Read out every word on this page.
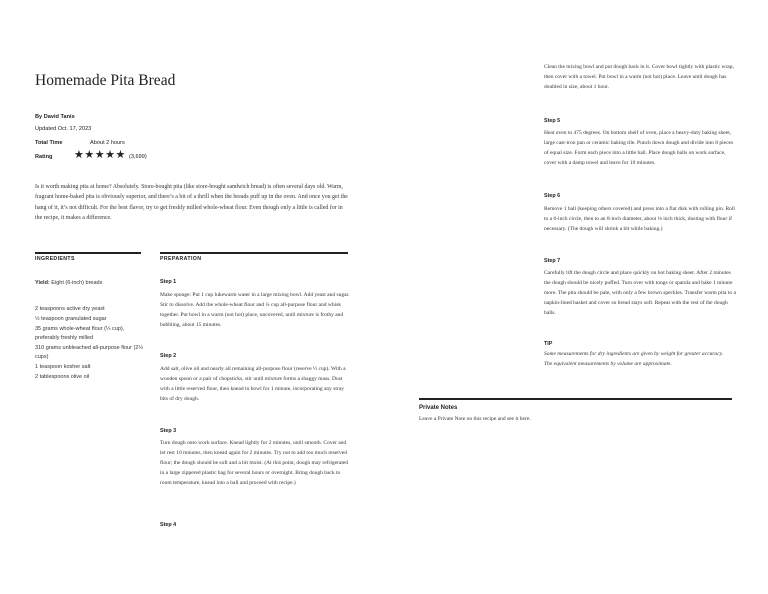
Homemade Pita Bread
By David Tanis
Updated Oct. 17, 2023
Total Time	About 2 hours
Rating ★★★★★ (3,699)
Is it worth making pita at home? Absolutely. Store-bought pita (like store-bought sandwich bread) is often several days old. Warm, fragrant home-baked pita is obviously superior, and there’s a bit of a thrill when the breads puff up in the oven. And once you get the hang of it, it’s not difficult. For the best flavor, try to get freshly milled whole-wheat flour. Even though only a little is called for in the recipe, it makes a difference.
INGREDIENTS
Yield: Eight (6-inch) breads
2 teaspoons active dry yeast
½ teaspoon granulated sugar
35 grams whole-wheat flour (¼ cup), preferably freshly milled
310 grams unbleached all-purpose flour (2½ cups)
1 teaspoon kosher salt
2 tablespoons olive oil
PREPARATION
Step 1
Make sponge: Put 1 cup lukewarm water in a large mixing bowl. Add yeast and sugar. Stir to dissolve. Add the whole-wheat flour and ¼ cup all-purpose flour and whisk together. Put bowl in a warm (not hot) place, uncovered, until mixture is frothy and bubbling, about 15 minutes.
Step 2
Add salt, olive oil and nearly all remaining all-purpose flour (reserve ½ cup). With a wooden spoon or a pair of chopsticks, stir until mixture forms a shaggy mass. Dust with a little reserved flour, then knead in bowl for 1 minute, incorporating any stray bits of dry dough.
Step 3
Turn dough onto work surface. Knead lightly for 2 minutes, until smooth. Cover and let rest 10 minutes, then knead again for 2 minutes. Try not to add too much reserved flour; the dough should be soft and a bit moist. (At this point, dough may refrigerated in a large zippered plastic bag for several hours or overnight. Bring dough back to room temperature, knead into a ball and proceed with recipe.)
Step 4
Clean the mixing bowl and put dough back in it. Cover bowl tightly with plastic wrap, then cover with a towel. Put bowl in a warm (not hot) place. Leave until dough has doubled in size, about 1 hour.
Step 5
Heat oven to 475 degrees. On bottom shelf of oven, place a heavy-duty baking sheet, large cast-iron pan or ceramic baking tile. Punch down dough and divide into 8 pieces of equal size. Form each piece into a little ball. Place dough balls on work surface, cover with a damp towel and leave for 10 minutes.
Step 6
Remove 1 ball (keeping others covered) and press into a flat disk with rolling pin. Roll to a 6-inch circle, then to an 8-inch diameter, about ⅛ inch thick, dusting with flour if necessary. (The dough will shrink a bit while baking.)
Step 7
Carefully lift the dough circle and place quickly on hot baking sheet. After 2 minutes the dough should be nicely puffed. Turn over with tongs or spatula and bake 1 minute more. The pita should be pale, with only a few brown speckles. Transfer warm pita to a napkin-lined basket and cover so bread stays soft. Repeat with the rest of the dough balls.
TIP
Some measurements for dry ingredients are given by weight for greater accuracy. The equivalent measurements by volume are approximate.
Private Notes
Leave a Private Note on this recipe and see it here.
